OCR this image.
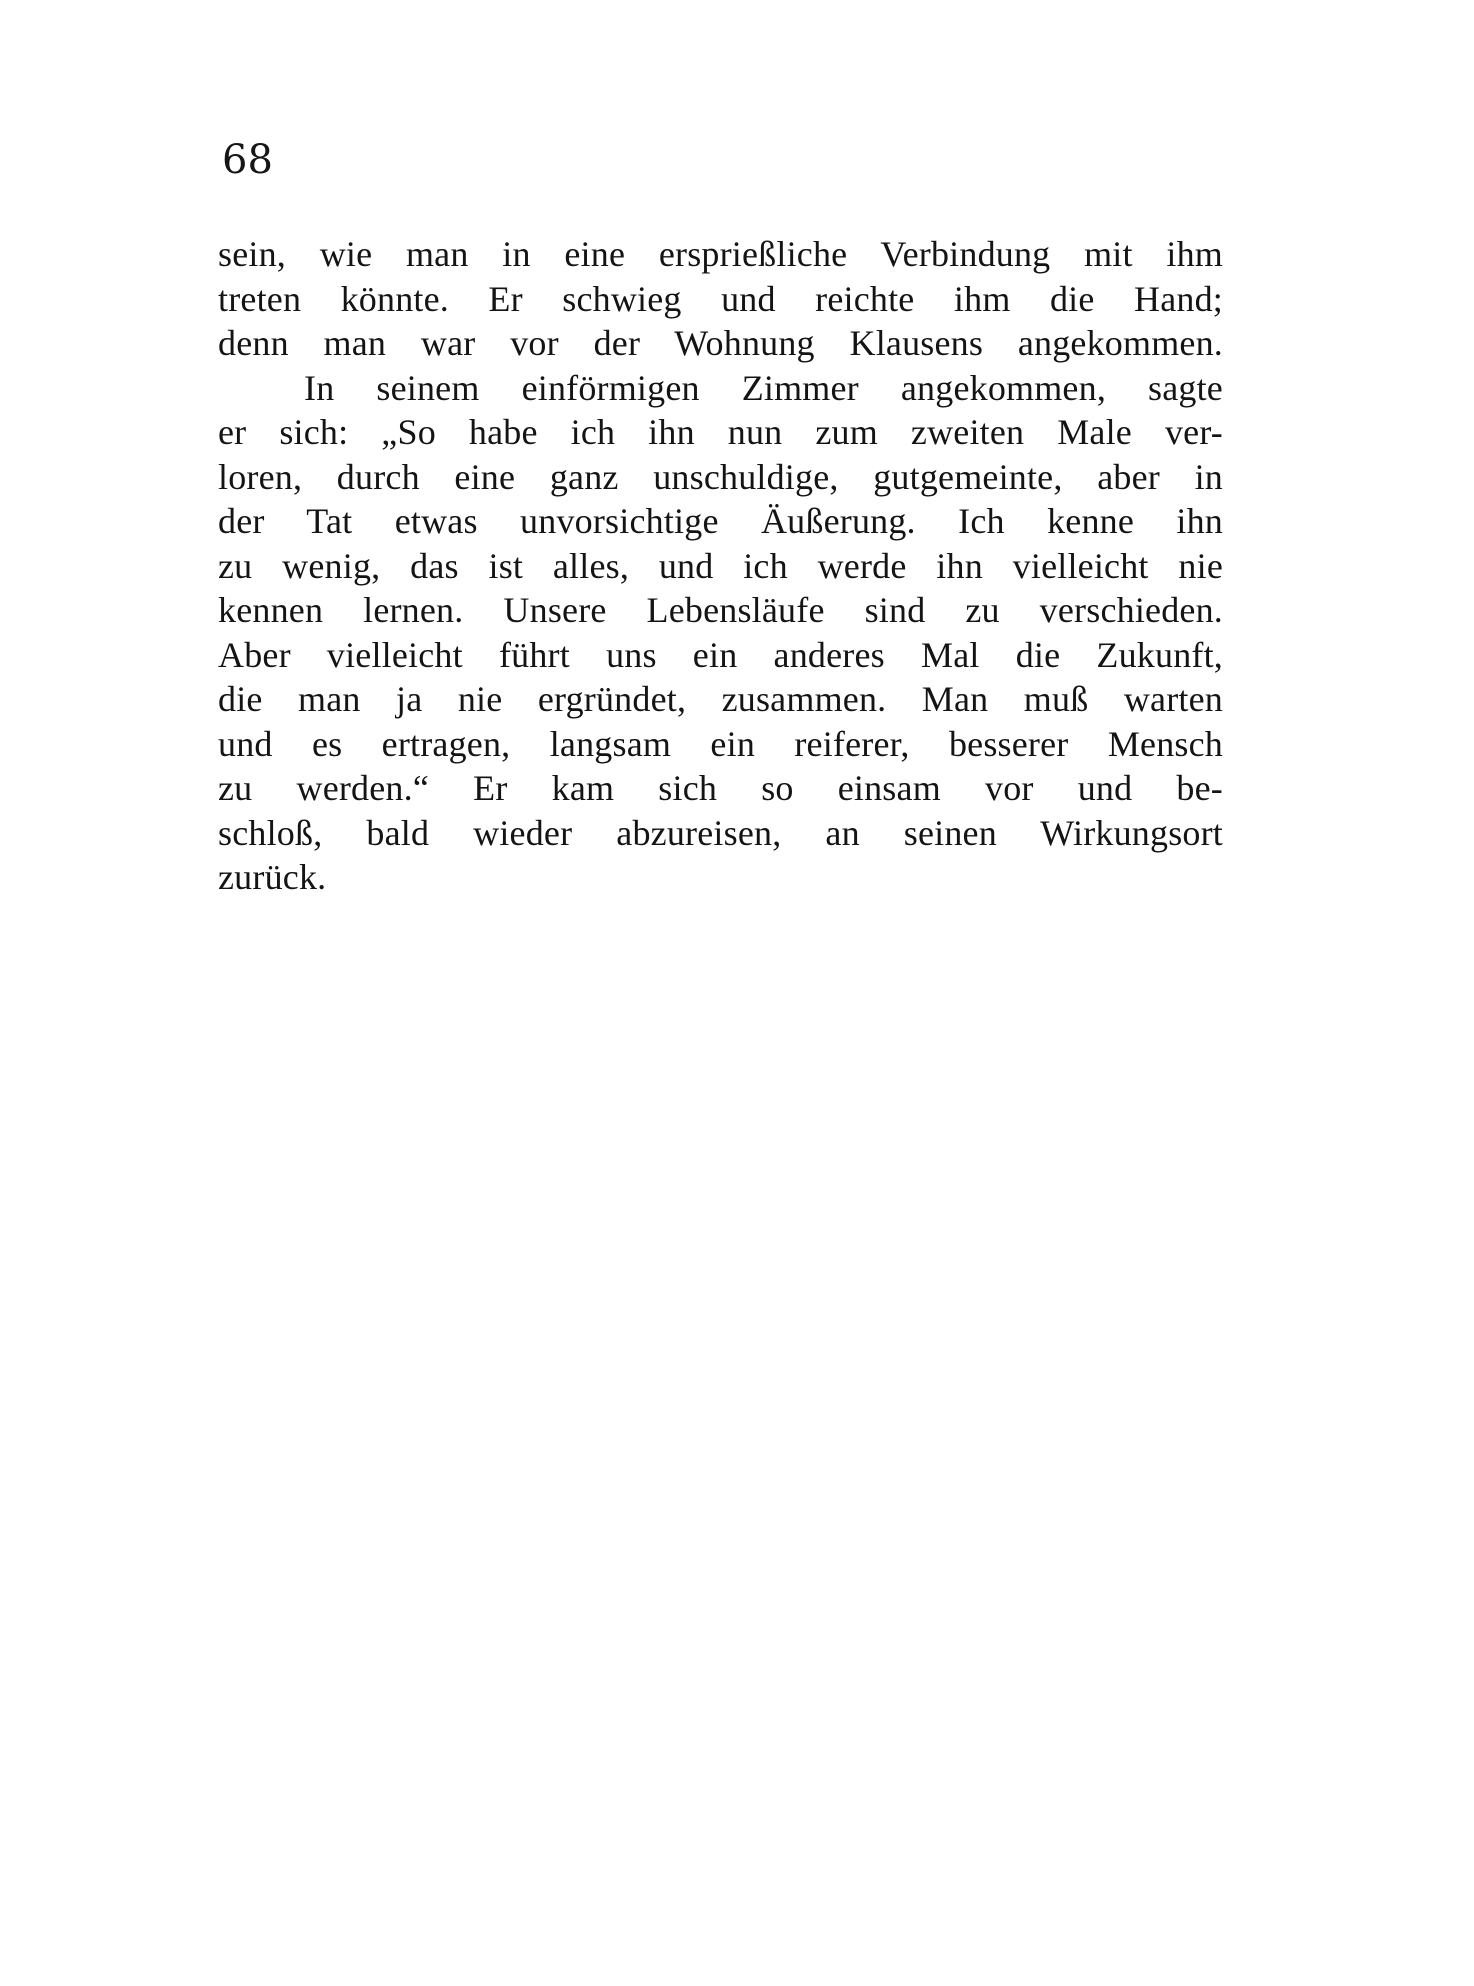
68
sein, wie man in eine ersprießliche Verbindung mit ihm
treten könnte. Er schwieg und reichte ihm die Hand;
denn man war vor der Wohnung Klausens angekommen.
In seinem einförmigen Zimmer angekommen, sagte
er sich: „So habe ich ihn nun zum zweiten Male ver-
loren, durch eine ganz unschuldige, gutgemeinte, aber in
der Tat etwas unvorsichtige Äußerung. Ich kenne ihn
zu wenig, das ist alles, und ich werde ihn vielleicht nie
kennen lernen. Unsere Lebensläufe sind zu verschieden.
Aber vielleicht führt uns ein anderes Mal die Zukunft,
die man ja nie ergründet, zusammen. Man muß warten
und es ertragen, langsam ein reiferer, besserer Mensch
zu werden.“ Er kam sich so einsam vor und be-
schloß, bald wieder abzureisen, an seinen Wirkungsort
zurück.
